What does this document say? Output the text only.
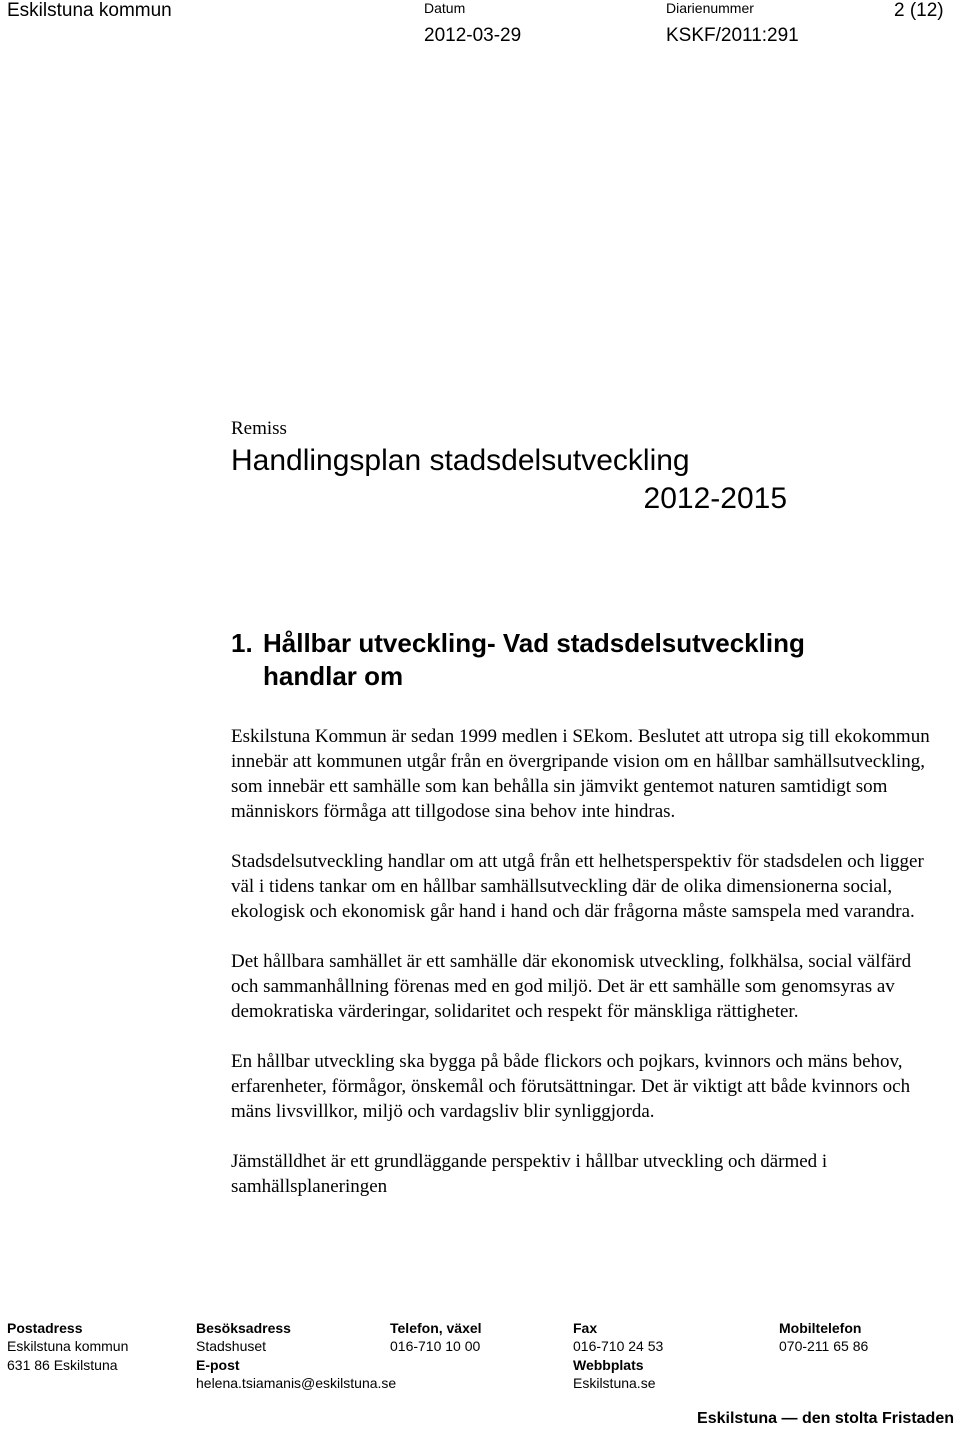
Eskilstuna kommun	Datum
2012-03-29
Diarienummer
KSKF/2011:291
2 (12)
Remiss
Handlingsplan stadsdelsutveckling
2012-2015
1. Hållbar utveckling- Vad stadsdelsutveckling
handlar om

Eskilstuna Kommun är sedan 1999 medlen i SEkom. Beslutet att utropa sig till ekokommun innebär att kommunen utgår från en övergripande vision om en hållbar samhällsutveckling, som innebär ett samhälle som kan behålla sin jämvikt gentemot naturen samtidigt som människors förmåga att tillgodose sina behov inte hindras.

Stadsdelsutveckling handlar om att utgå från ett helhetsperspektiv för stadsdelen och ligger väl i tidens tankar om en hållbar samhällsutveckling där de olika dimensionerna social, ekologisk och ekonomisk går hand i hand och där frågorna måste samspela med varandra.

Det hållbara samhället är ett samhälle där ekonomisk utveckling, folkhälsa, social välfärd och sammanhållning förenas med en god miljö. Det är ett samhälle som genomsyras av demokratiska värderingar, solidaritet och respekt för mänskliga rättigheter.

En hållbar utveckling ska bygga på både flickors och pojkars, kvinnors och mäns behov, erfarenheter, förmågor, önskemål och förutsättningar. Det är viktigt att både kvinnors och mäns livsvillkor, miljö och vardagsliv blir synliggjorda.

Jämställdhet är ett grundläggande perspektiv i hållbar utveckling och därmed i samhällsplaneringen

Postadress
Eskilstuna kommun
631 86 Eskilstuna
Besöksadress
Stadshuset
E-post
helena.tsiamanis@eskilstuna.se
Telefon, växel
016-710 10 00
Fax
016-710 24 53
Webbplats
Eskilstuna.se
Mobiltelefon
070-211 65 86
Eskilstuna — den stolta Fristaden
